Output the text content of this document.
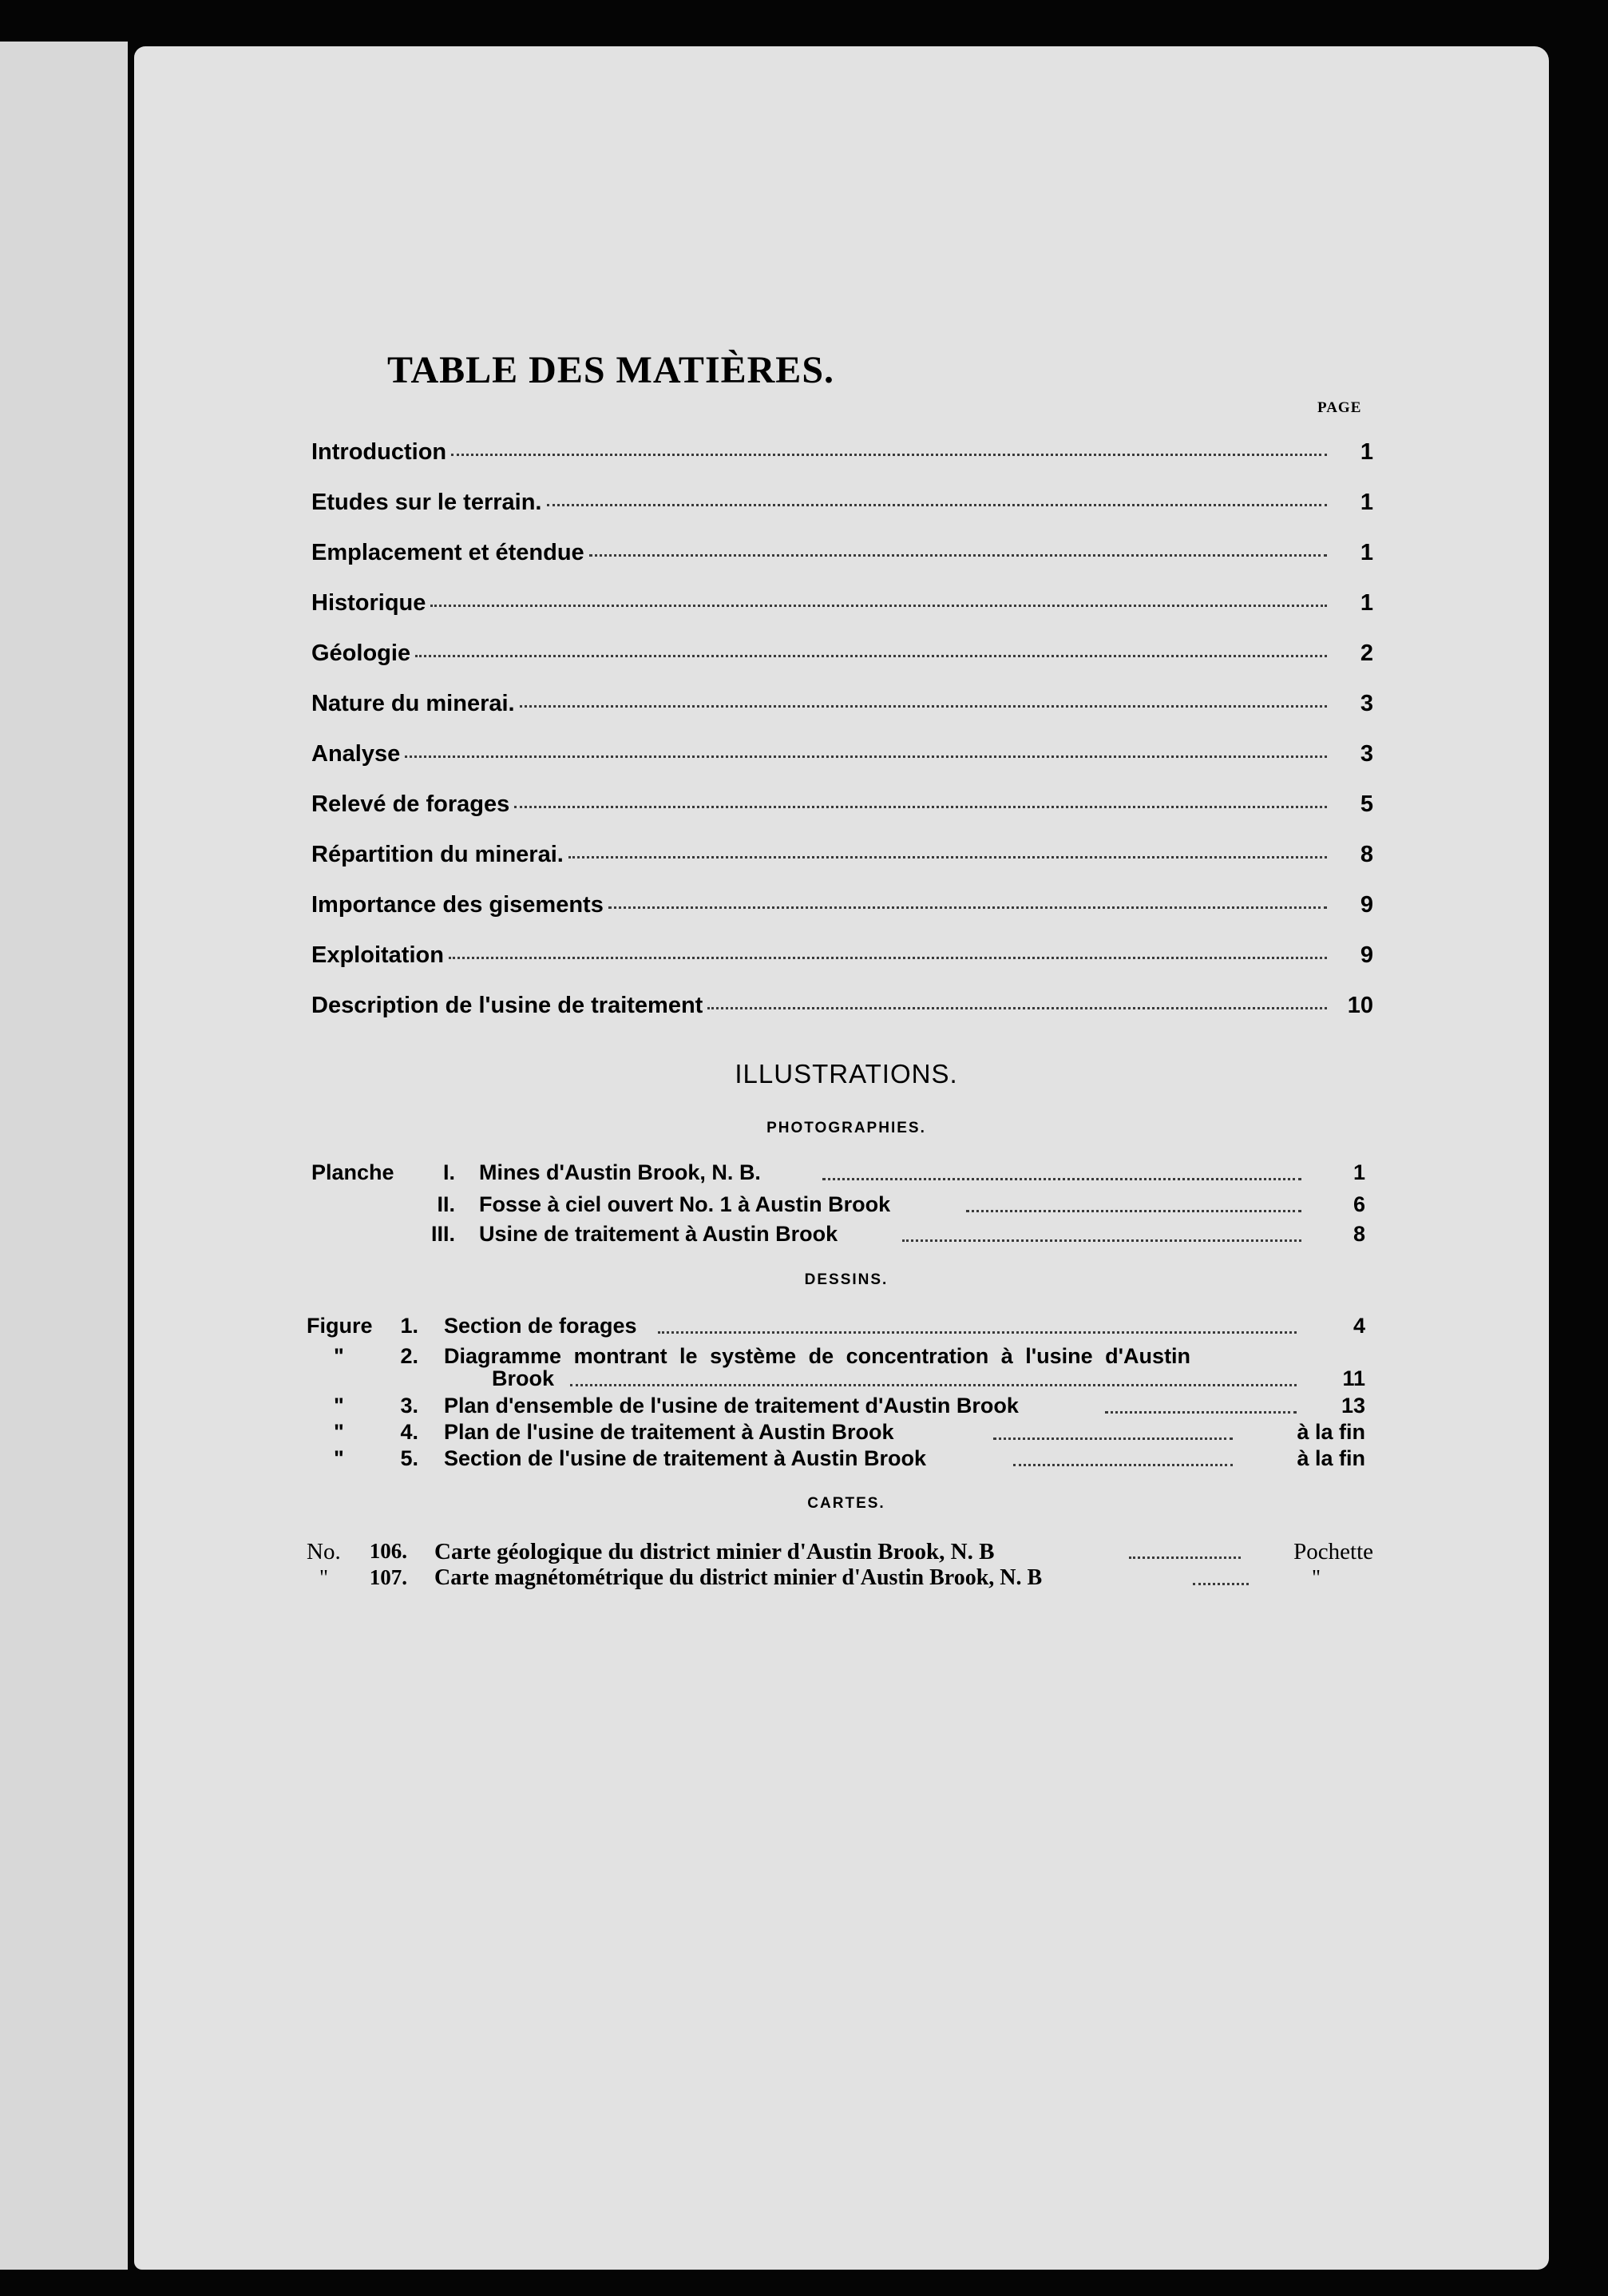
TABLE DES MATIÈRES.
PAGE
Introduction	1
Etudes sur le terrain.	1
Emplacement et étendue	1
Historique	1
Géologie	2
Nature du minerai.	3
Analyse	3
Relevé de forages	5
Répartition du minerai.	8
Importance des gisements	9
Exploitation	9
Description de l'usine de traitement	10
ILLUSTRATIONS.
PHOTOGRAPHIES.
Planche	I. Mines d'Austin Brook, N. B.	1
II. Fosse à ciel ouvert No. 1 à Austin Brook	6
III. Usine de traitement à Austin Brook	8
DESSINS.
Figure	1. Section de forages	4
"	2. Diagramme montrant le système de concentration à l'usine d'Austin
Brook	11
"	3. Plan d'ensemble de l'usine de traitement d'Austin Brook	13
"	4. Plan de l'usine de traitement à Austin Brook	à la fin
"	5. Section de l'usine de traitement à Austin Brook	à la fin
CARTES.
No.	106. Carte géologique du district minier d'Austin Brook, N. B	Pochette
"	107. Carte magnétométrique du district minier d'Austin Brook, N. B	"
